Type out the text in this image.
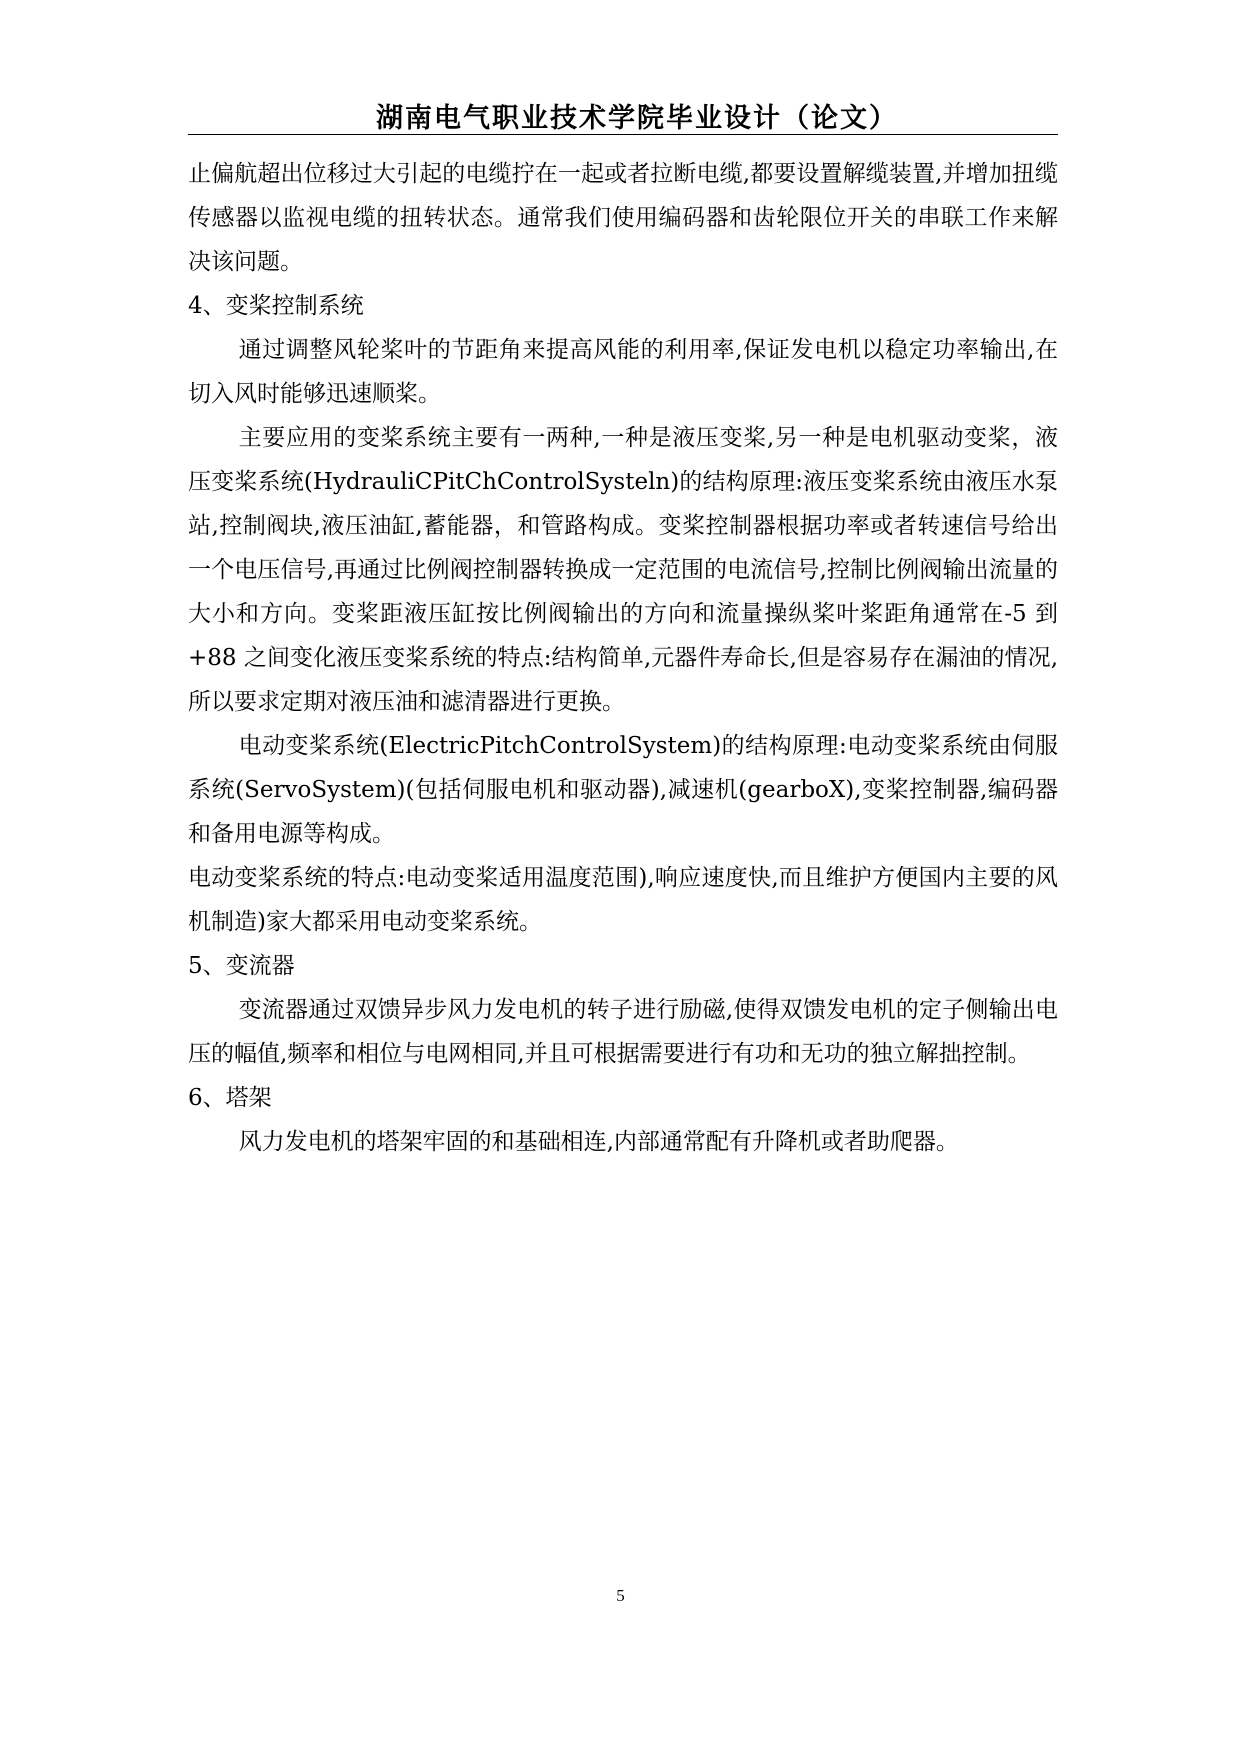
湖南电气职业技术学院毕业设计（论文）

止偏航超出位移过大引起的电缆拧在一起或者拉断电缆,都要设置解缆装置,并增加扭缆传感器以监视电缆的扭转状态。通常我们使用编码器和齿轮限位开关的串联工作来解决该问题。

4、变桨控制系统

通过调整风轮桨叶的节距角来提高风能的利用率,保证发电机以稳定功率输出,在切入风时能够迅速顺桨。

主要应用的变桨系统主要有一两种,一种是液压变桨,另一种是电机驱动变桨，液压变桨系统(HydrauliCPitChControlSysteln)的结构原理:液压变桨系统由液压水泵站,控制阀块,液压油缸,蓄能器，和管路构成。变桨控制器根据功率或者转速信号给出一个电压信号,再通过比例阀控制器转换成一定范围的电流信号,控制比例阀输出流量的大小和方向。变桨距液压缸按比例阀输出的方向和流量操纵桨叶桨距角通常在-5 到+88 之间变化液压变桨系统的特点:结构简单,元器件寿命长,但是容易存在漏油的情况,所以要求定期对液压油和滤清器进行更换。

电动变桨系统(ElectricPitchControlSystem)的结构原理:电动变桨系统由伺服系统(ServoSystem)(包括伺服电机和驱动器),减速机(gearboX),变桨控制器,编码器和备用电源等构成。

电动变桨系统的特点:电动变桨适用温度范围),响应速度快,而且维护方便国内主要的风机制造)家大都采用电动变桨系统。

5、变流器

变流器通过双馈异步风力发电机的转子进行励磁,使得双馈发电机的定子侧输出电压的幅值,频率和相位与电网相同,并且可根据需要进行有功和无功的独立解拙控制。

6、塔架

风力发电机的塔架牢固的和基础相连,内部通常配有升降机或者助爬器。

5
